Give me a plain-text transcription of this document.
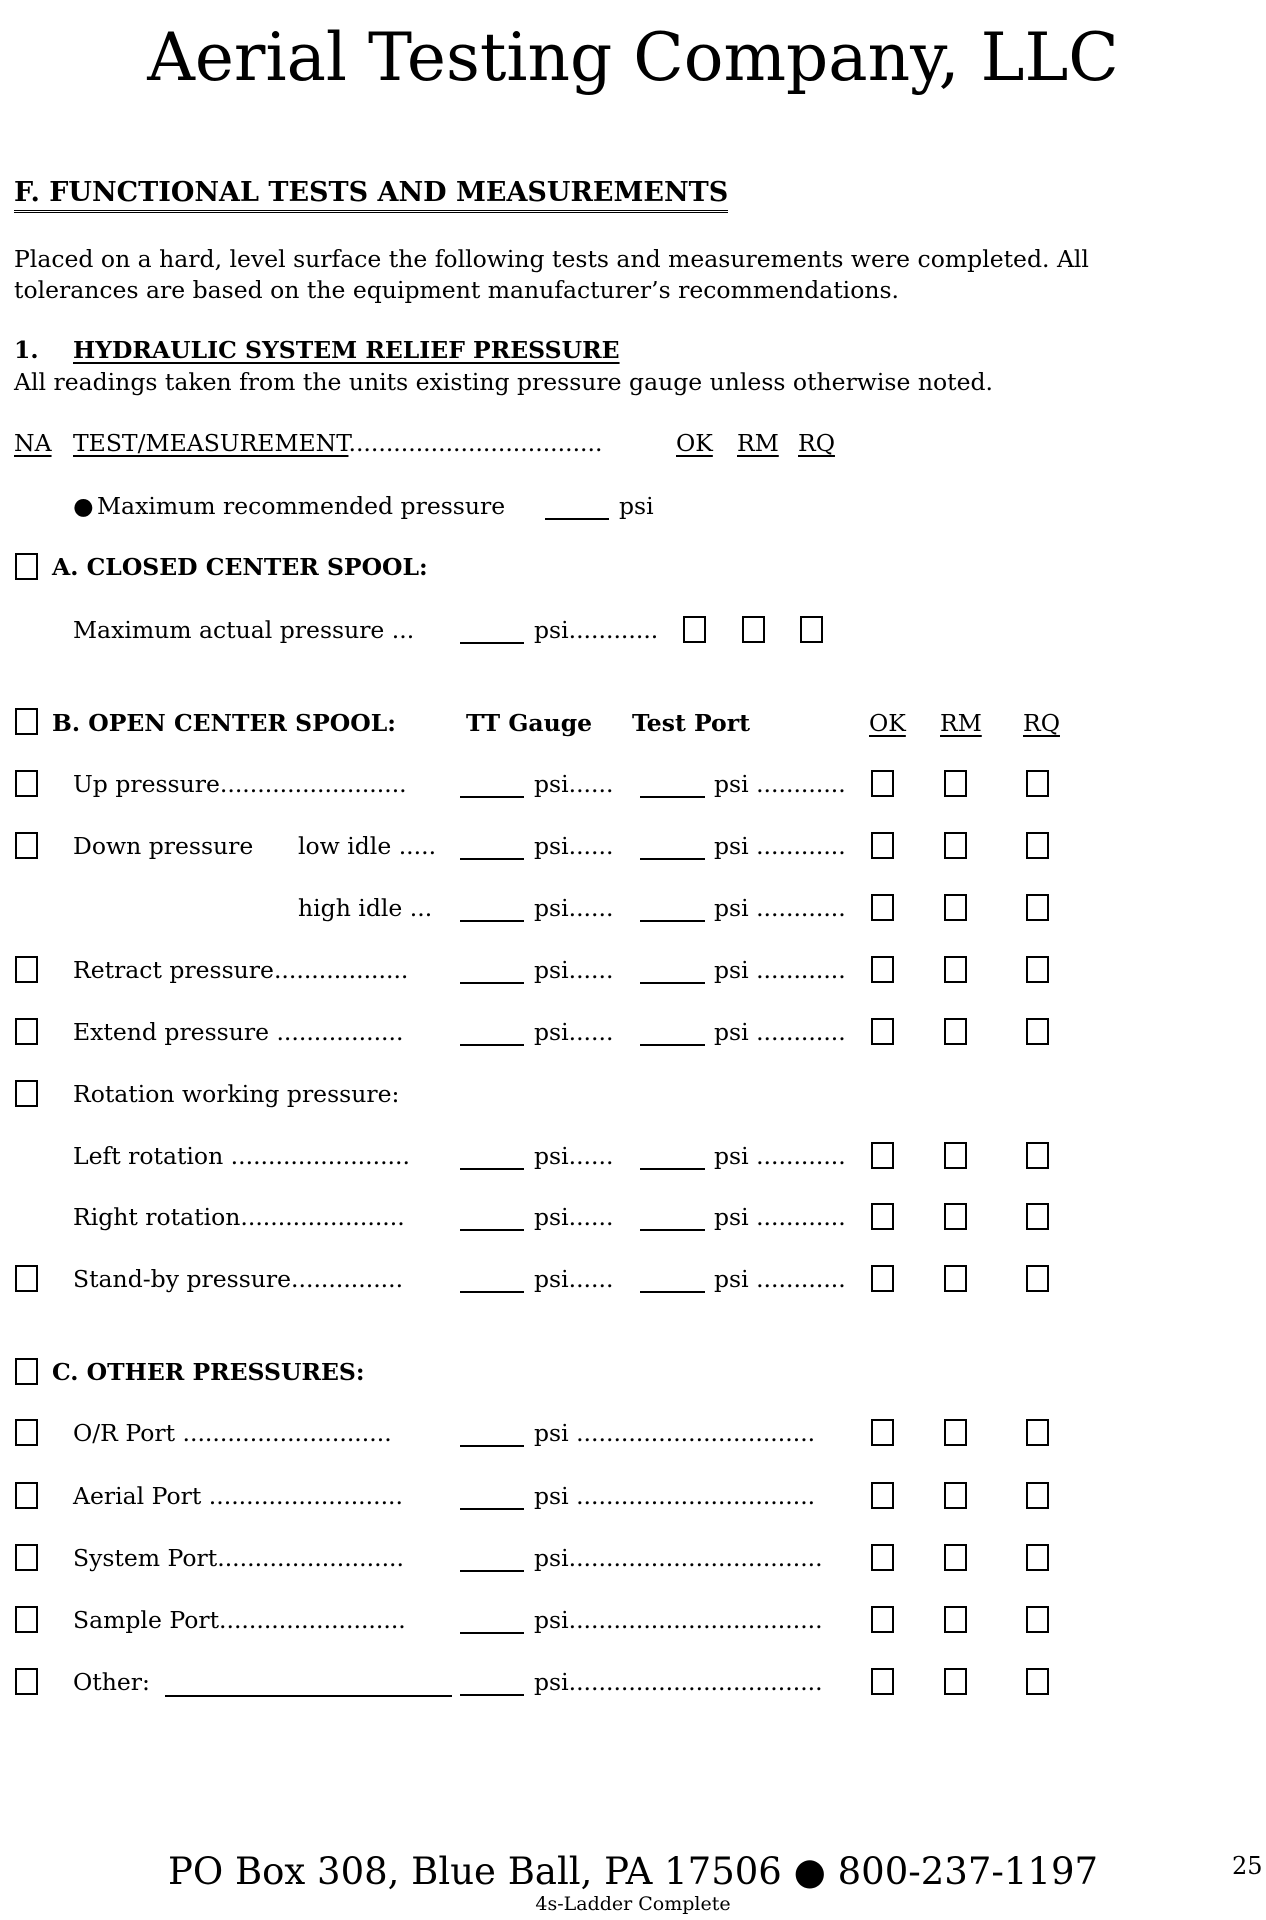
Aerial Testing Company, LLC
F. FUNCTIONAL TESTS AND MEASUREMENTS
Placed on a hard, level surface the following tests and measurements were completed. All
tolerances are based on the equipment manufacturer’s recommendations.
1. HYDRAULIC SYSTEM RELIEF PRESSURE
All readings taken from the units existing pressure gauge unless otherwise noted.
NA TEST/MEASUREMENT..................................	OK RM RQ
● Maximum recommended pressure	psi
A. CLOSED CENTER SPOOL:
Maximum actual pressure ...	psi............
B. OPEN CENTER SPOOL:	TT Gauge Test Port	OK RM RQ
Up pressure.........................	psi......	psi ............
Down pressure low idle .....	psi......	psi ............
high idle ...	psi......	psi ............
Retract pressure..................	psi......	psi ............
Extend pressure .................	psi......	psi ............
Rotation working pressure:
Left rotation ........................	psi......	psi ............
Right rotation......................	psi......	psi ............
Stand-by pressure...............	psi......	psi ............
C. OTHER PRESSURES:
O/R Port ............................	psi ................................
Aerial Port ..........................	psi ................................
System Port.........................	psi..................................
Sample Port.........................	psi..................................
Other:	psi..................................
PO Box 308, Blue Ball, PA 17506 ● 800-237-1197
4s-Ladder Complete
25
